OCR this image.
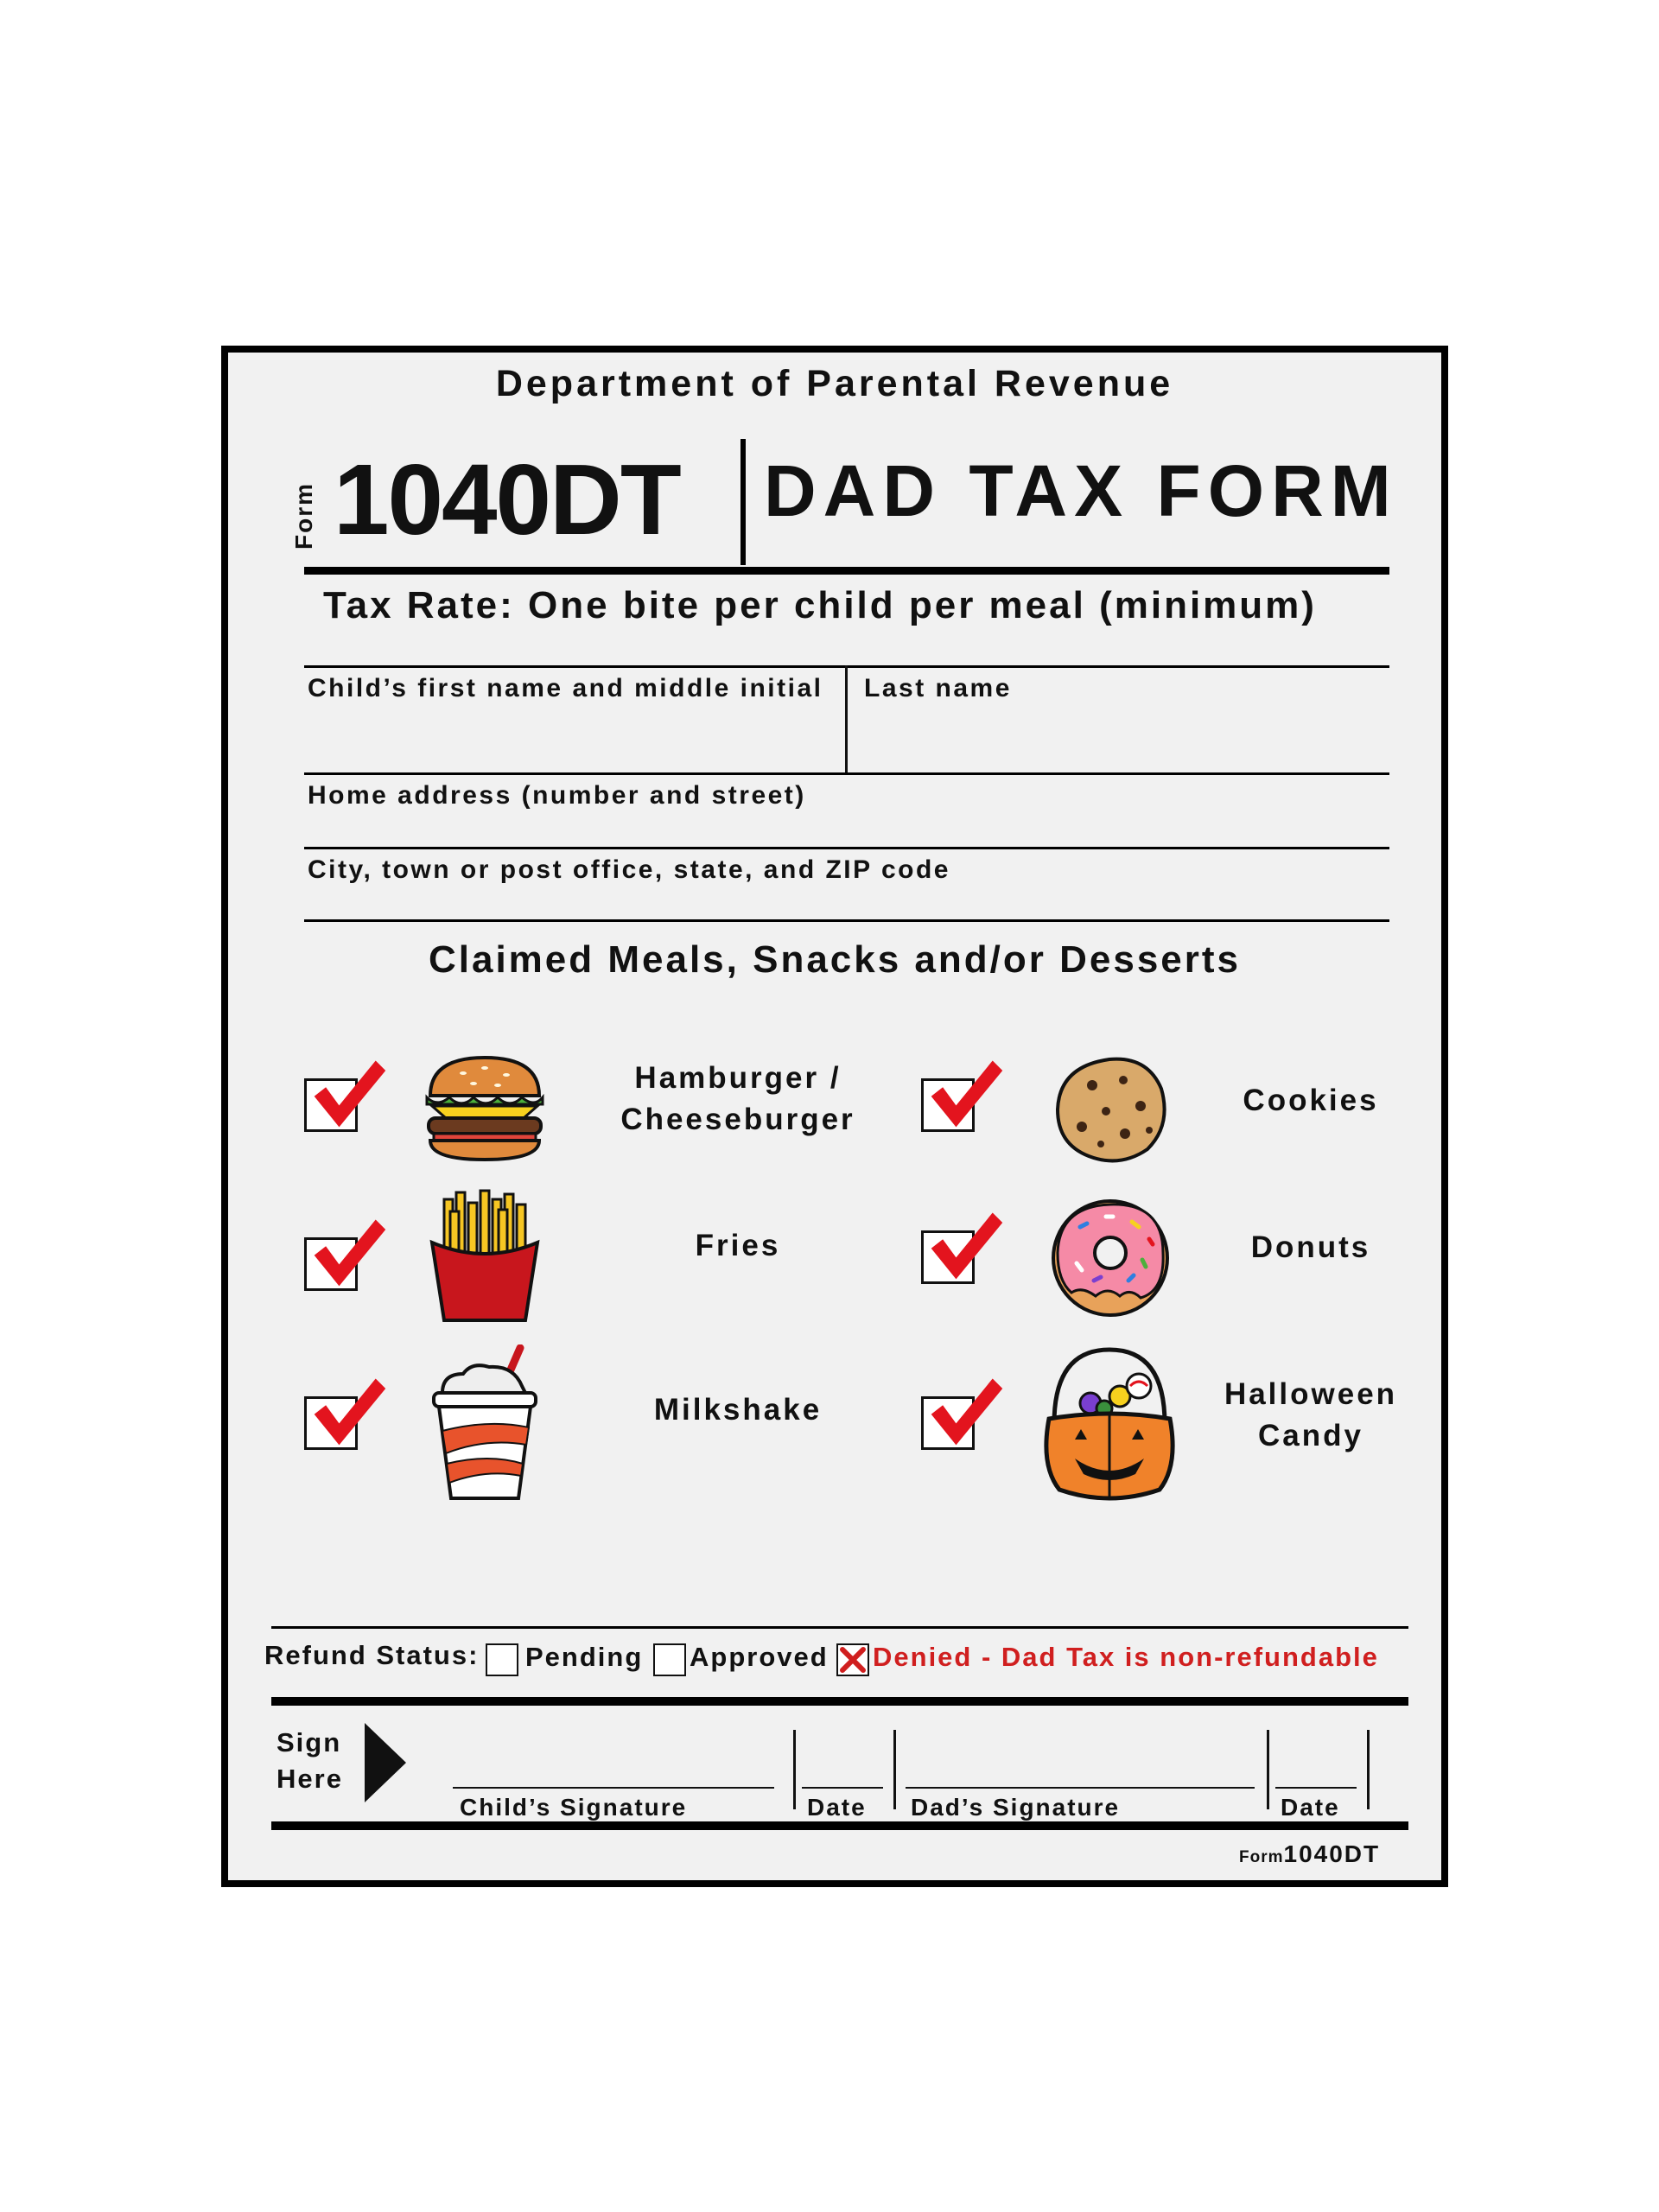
Department of Parental Revenue
Form 1040DT DAD TAX FORM
Tax Rate: One bite per child per meal (minimum)
Child’s first name and middle initial Last name
Home address (number and street)
City, town or post office, state, and ZIP code
Claimed Meals, Snacks and/or Desserts
Hamburger /
Cheeseburger
Fries
Milkshake
Cookies
Donuts
Halloween
Candy
Refund Status: Pending Approved Denied - Dad Tax is non-refundable
Sign
Here
Child’s Signature	Date Dad’s Signature	Date
Form1040DT
